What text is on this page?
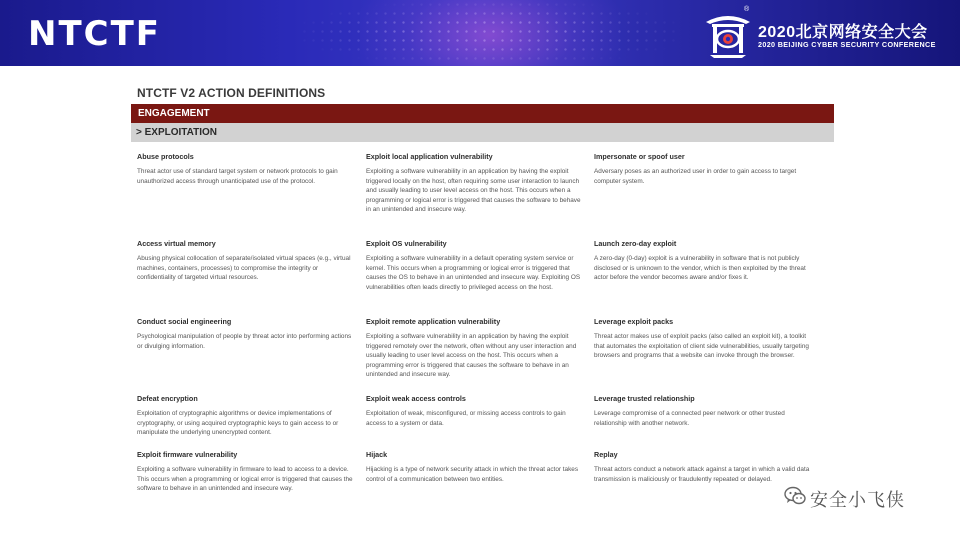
NTCTF
®
2020北京网络安全大会
2020 BEIJING CYBER SECURITY CONFERENCE
NTCTF V2 ACTION DEFINITIONS
ENGAGEMENT
> EXPLOITATION
Abuse protocols
Threat actor use of standard target system or network protocols to gain unauthorized access through unanticipated use of the protocol.
Exploit local application vulnerability
Exploiting a software vulnerability in an application by having the exploit triggered locally on the host, often requiring some user interaction to launch and usually leading to user level access on the host. This occurs when a programming or logical error is triggered that causes the software to behave in an unintended and insecure way.
Impersonate or spoof user
Adversary poses as an authorized user in order to gain access to target computer system.
Access virtual memory
Abusing physical collocation of separate/isolated virtual spaces (e.g., virtual machines, containers, processes) to compromise the integrity or confidentiality of targeted virtual resources.
Exploit OS vulnerability
Exploiting a software vulnerability in a default operating system service or kernel. This occurs when a programming or logical error is triggered that causes the OS to behave in an unintended and insecure way. Exploiting OS vulnerabilities often leads directly to privileged access on the host.
Launch zero-day exploit
A zero-day (0-day) exploit is a vulnerability in software that is not publicly disclosed or is unknown to the vendor, which is then exploited by the threat actor before the vendor becomes aware and/or fixes it.
Conduct social engineering
Psychological manipulation of people by threat actor into performing actions or divulging information.
Exploit remote application vulnerability
Exploiting a software vulnerability in an application by having the exploit triggered remotely over the network, often without any user interaction and usually leading to user level access on the host. This occurs when a programming error is triggered that causes the software to behave in an unintended and insecure way.
Leverage exploit packs
Threat actor makes use of exploit packs (also called an exploit kit), a toolkit that automates the exploitation of client side vulnerabilities, usually targeting browsers and programs that a website can invoke through the browser.
Defeat encryption
Exploitation of cryptographic algorithms or device implementations of cryptography, or using acquired cryptographic keys to gain access to or manipulate the underlying unencrypted content.
Exploit weak access controls
Exploitation of weak, misconfigured, or missing access controls to gain access to a system or data.
Leverage trusted relationship
Leverage compromise of a connected peer network or other trusted relationship with another network.
Exploit firmware vulnerability
Exploiting a software vulnerability in firmware to lead to access to a device. This occurs when a programming or logical error is triggered that causes the software to behave in an unintended and insecure way.
Hijack
Hijacking is a type of network security attack in which the threat actor takes control of a communication between two entities.
Replay
Threat actors conduct a network attack against a target in which a valid data transmission is maliciously or fraudulently repeated or delayed.
安全小飞侠
